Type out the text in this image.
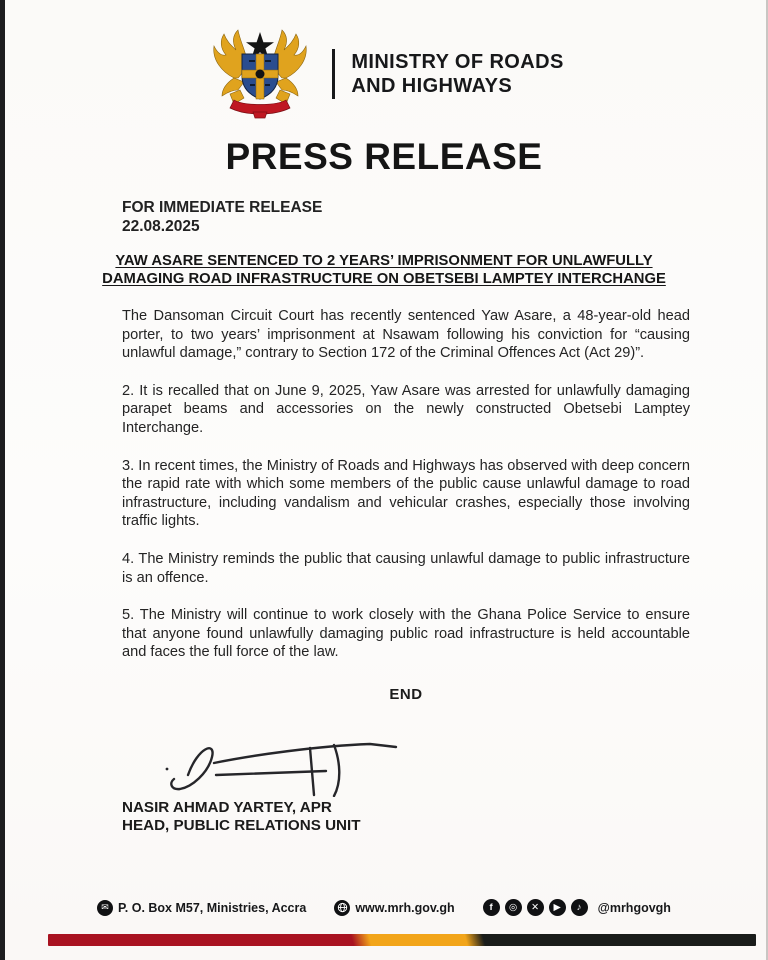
MINISTRY OF ROADS
AND HIGHWAYS
PRESS RELEASE
FOR IMMEDIATE RELEASE
22.08.2025
YAW ASARE SENTENCED TO 2 YEARS’ IMPRISONMENT FOR UNLAWFULLY DAMAGING ROAD INFRASTRUCTURE ON OBETSEBI LAMPTEY INTERCHANGE

The Dansoman Circuit Court has recently sentenced Yaw Asare, a 48-year-old head porter, to two years’ imprisonment at Nsawam following his conviction for “causing unlawful damage,” contrary to Section 172 of the Criminal Offences Act (Act 29)”.

2. It is recalled that on June 9, 2025, Yaw Asare was arrested for unlawfully damaging parapet beams and accessories on the newly constructed Obetsebi Lamptey Interchange.

3. In recent times, the Ministry of Roads and Highways has observed with deep concern the rapid rate with which some members of the public cause unlawful damage to road infrastructure, including vandalism and vehicular crashes, especially those involving traffic lights.

4. The Ministry reminds the public that causing unlawful damage to public infrastructure is an offence.

5. The Ministry will continue to work closely with the Ghana Police Service to ensure that anyone found unlawfully damaging public road infrastructure is held accountable and faces the full force of the law.

END
NASIR AHMAD YARTEY, APR
HEAD, PUBLIC RELATIONS UNIT
✉ P. O. Box M57, Ministries, Accra	www.mrh.gov.gh	f	◎	✕	▶	♪	@mrhgovgh
